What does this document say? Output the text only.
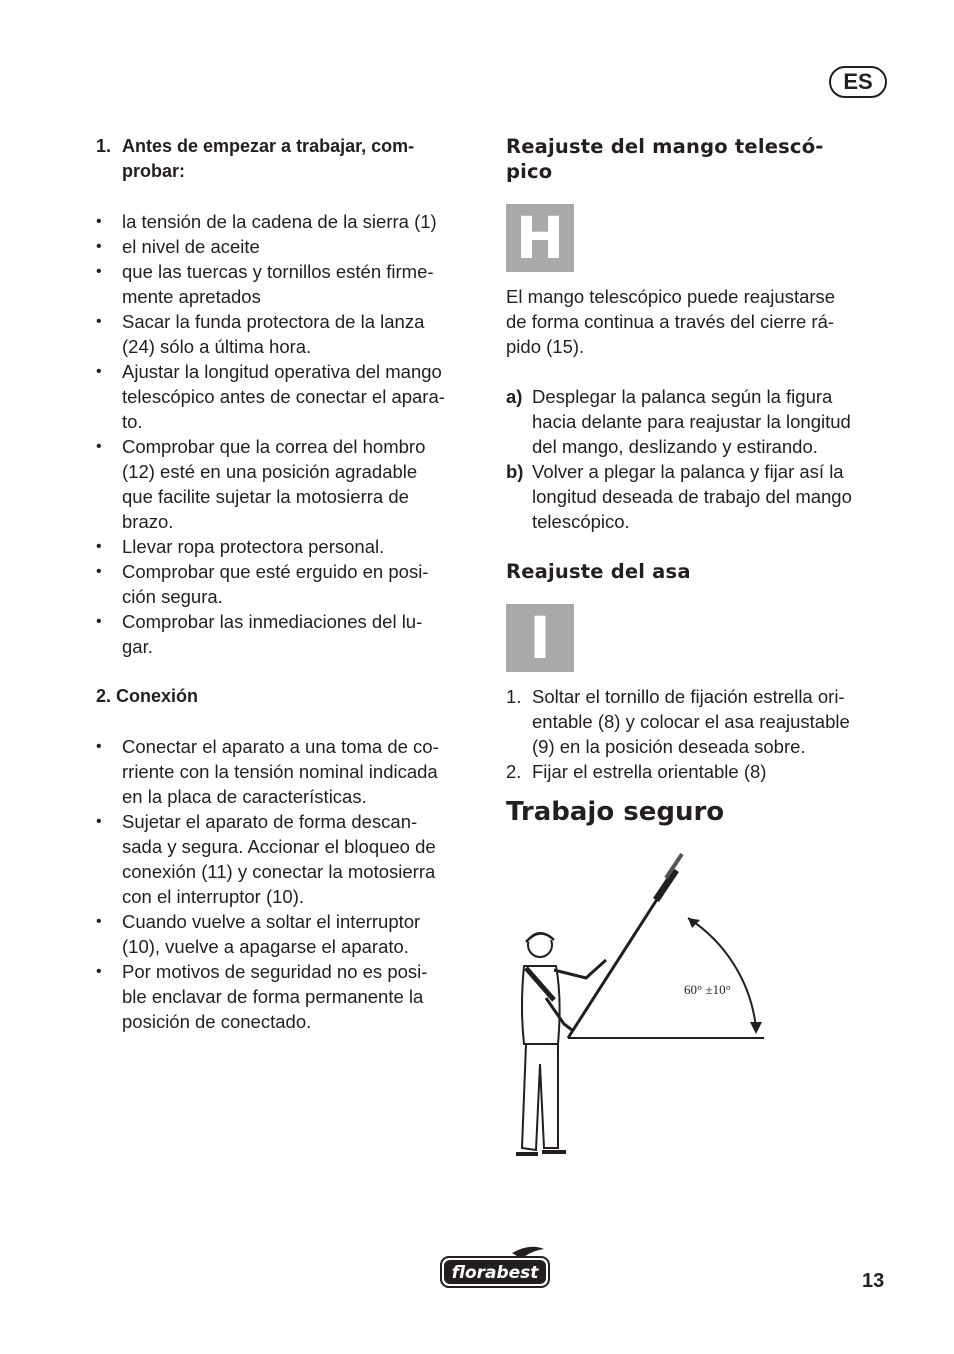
ES
1. Antes de empezar a trabajar, com-
probar:
• la tensión de la cadena de la sierra (1)
• el nivel de aceite
• que las tuercas y tornillos estén firme-
mente apretados
• Sacar la funda protectora de la lanza
(24) sólo a última hora.
• Ajustar la longitud operativa del mango
telescópico antes de conectar el apara-
to.
• Comprobar que la correa del hombro
(12) esté en una posición agradable
que facilite sujetar la motosierra de
brazo.
• Llevar ropa protectora personal.
• Comprobar que esté erguido en posi-
ción segura.
• Comprobar las inmediaciones del lu-
gar.
2. Conexión
• Conectar el aparato a una toma de co-
rriente con la tensión nominal indicada
en la placa de características.
• Sujetar el aparato de forma descan-
sada y segura. Accionar el bloqueo de
conexión (11) y conectar la motosierra
con el interruptor (10).
• Cuando vuelve a soltar el interruptor
(10), vuelve a apagarse el aparato.
• Por motivos de seguridad no es posi-
ble enclavar de forma permanente la
posición de conectado.
Reajuste del mango telescó-
pico
H

El mango telescópico puede reajustarse
de forma continua a través del cierre rá-
pido (15).

a) Desplegar la palanca según la figura
hacia delante para reajustar la longitud
del mango, deslizando y estirando.
b) Volver a plegar la palanca y fijar así la
longitud deseada de trabajo del mango
telescópico.
Reajuste del asa
I
1. Soltar el tornillo de fijación estrella ori-
entable (8) y colocar el asa reajustable
(9) en la posición deseada sobre.
2. Fijar el estrella orientable (8)
Trabajo seguro
60° ±10°
florabest	13
